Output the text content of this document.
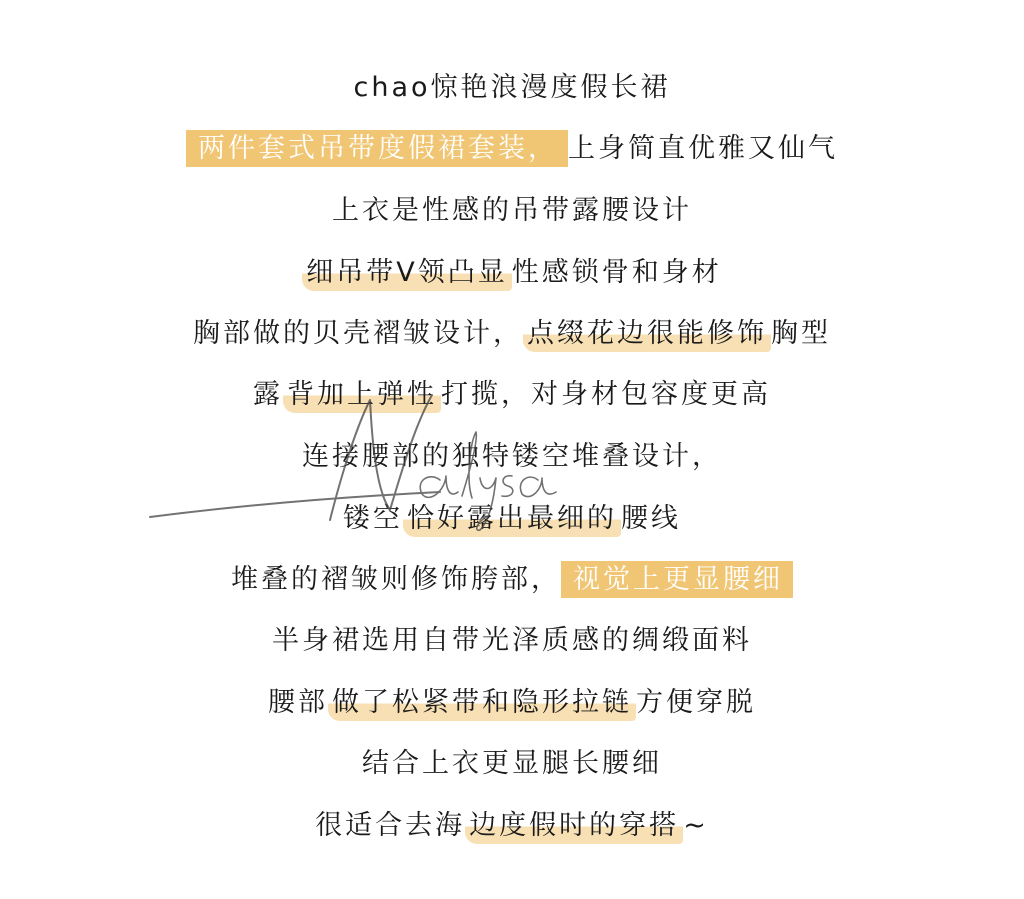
chao惊艳浪漫度假长裙
两件套式吊带度假裙套装， 上身简直优雅又仙气
上衣是性感的吊带露腰设计
细吊带V领凸显 性感锁骨和身材
胸部做的贝壳褶皱设计， 点缀花边很能修饰 胸型
露 背加上弹性 打揽，对身材包容度更高
连接腰部的独特镂空堆叠设计，
镂空 恰好露出最细的 腰线
堆叠的褶皱则修饰胯部， 视觉上更显腰细
半身裙选用自带光泽质感的绸缎面料
腰部 做了松紧带和隐形拉链 方便穿脱
结合上衣更显腿长腰细
很适合去海 边度假时的穿搭 ~
